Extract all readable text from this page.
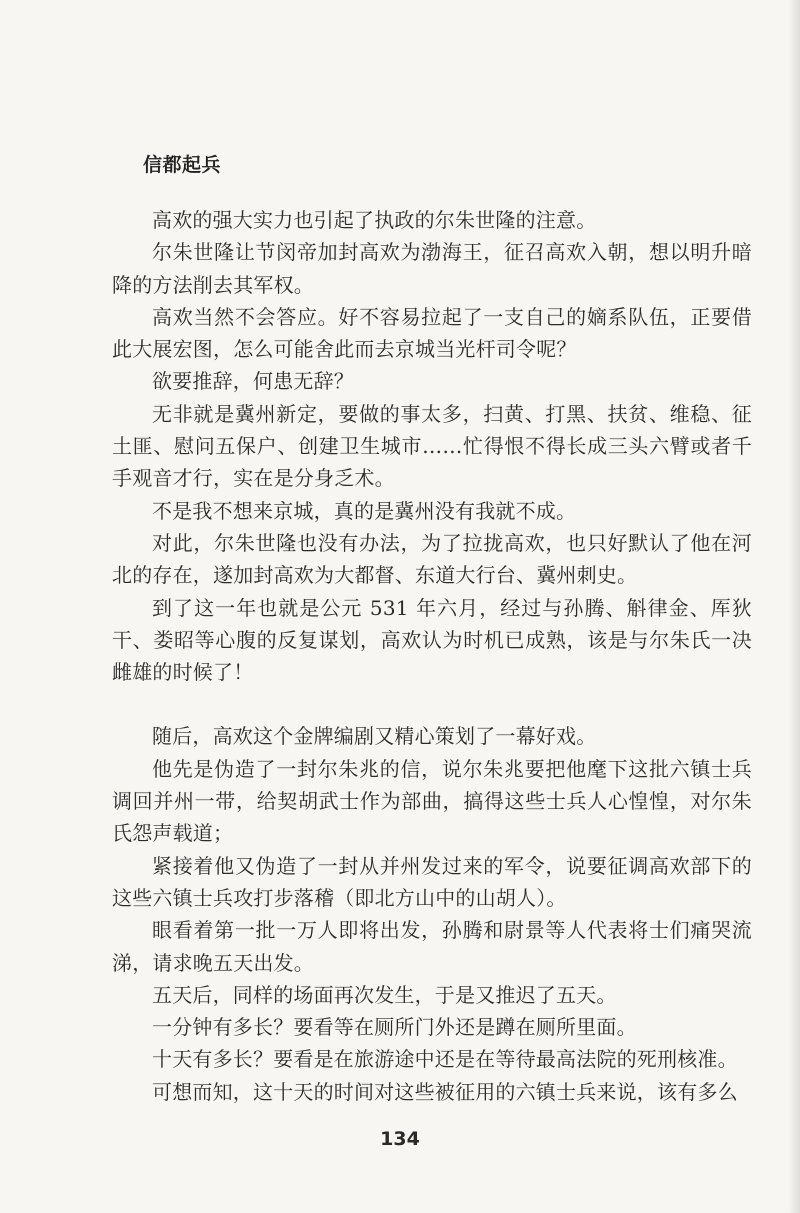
信都起兵

高欢的强大实力也引起了执政的尔朱世隆的注意。

尔朱世隆让节闵帝加封高欢为渤海王，征召高欢入朝，想以明升暗降的方法削去其军权。

高欢当然不会答应。好不容易拉起了一支自己的嫡系队伍，正要借此大展宏图，怎么可能舍此而去京城当光杆司令呢？

欲要推辞，何患无辞？

无非就是冀州新定，要做的事太多，扫黄、打黑、扶贫、维稳、征土匪、慰问五保户、创建卫生城市……忙得恨不得长成三头六臂或者千手观音才行，实在是分身乏术。

不是我不想来京城，真的是冀州没有我就不成。

对此，尔朱世隆也没有办法，为了拉拢高欢，也只好默认了他在河北的存在，遂加封高欢为大都督、东道大行台、冀州刺史。

到了这一年也就是公元 531 年六月，经过与孙腾、斛律金、厍狄干、娄昭等心腹的反复谋划，高欢认为时机已成熟，该是与尔朱氏一决雌雄的时候了！

随后，高欢这个金牌编剧又精心策划了一幕好戏。

他先是伪造了一封尔朱兆的信，说尔朱兆要把他麾下这批六镇士兵调回并州一带，给契胡武士作为部曲，搞得这些士兵人心惶惶，对尔朱氏怨声载道；

紧接着他又伪造了一封从并州发过来的军令，说要征调高欢部下的这些六镇士兵攻打步落稽（即北方山中的山胡人）。

眼看着第一批一万人即将出发，孙腾和尉景等人代表将士们痛哭流涕，请求晚五天出发。

五天后，同样的场面再次发生，于是又推迟了五天。

一分钟有多长？要看等在厕所门外还是蹲在厕所里面。

十天有多长？要看是在旅游途中还是在等待最高法院的死刑核准。

可想而知，这十天的时间对这些被征用的六镇士兵来说，该有多么

134
